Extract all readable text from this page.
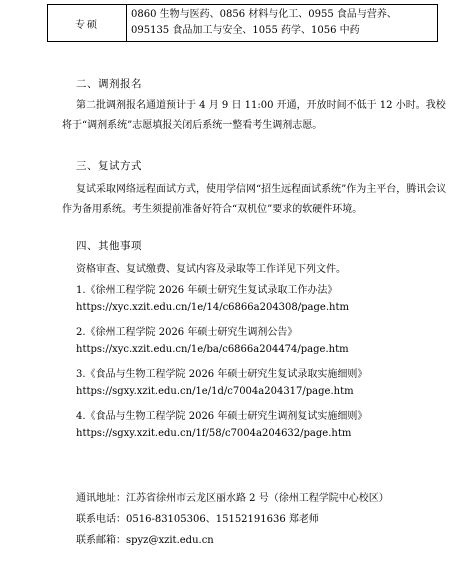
专硕	0860 生物与医药、0856 材料与化工、0955 食品与营养、095135 食品加工与安全、1055 药学、1056 中药
二、调剂报名
第二批调剂报名通道预计于 4 月 9 日 11:00 开通，开放时间不低于 12 小时。我校将于“调剂系统”志愿填报关闭后系统一整看考生调剂志愿。
三、复试方式
复试采取网络远程面试方式，使用学信网“招生远程面试系统”作为主平台，腾讯会议作为备用系统。考生须提前准备好符合“双机位”要求的软硬件环境。
四、其他事项
资格审查、复试缴费、复试内容及录取等工作详见下列文件。
1.《徐州工程学院 2026 年硕士研究生复试录取工作办法》
https://xyc.xzit.edu.cn/1e/14/c6866a204308/page.htm
2.《徐州工程学院 2026 年硕士研究生调剂公告》
https://xyc.xzit.edu.cn/1e/ba/c6866a204474/page.htm
3.《食品与生物工程学院 2026 年硕士研究生复试录取实施细则》
https://sgxy.xzit.edu.cn/1e/1d/c7004a204317/page.htm
4.《食品与生物工程学院 2026 年硕士研究生调剂复试实施细则》
https://sgxy.xzit.edu.cn/1f/58/c7004a204632/page.htm
通讯地址：江苏省徐州市云龙区丽水路 2 号（徐州工程学院中心校区）
联系电话：0516-83105306、15152191636 郑老师
联系邮箱：spyz@xzit.edu.cn
